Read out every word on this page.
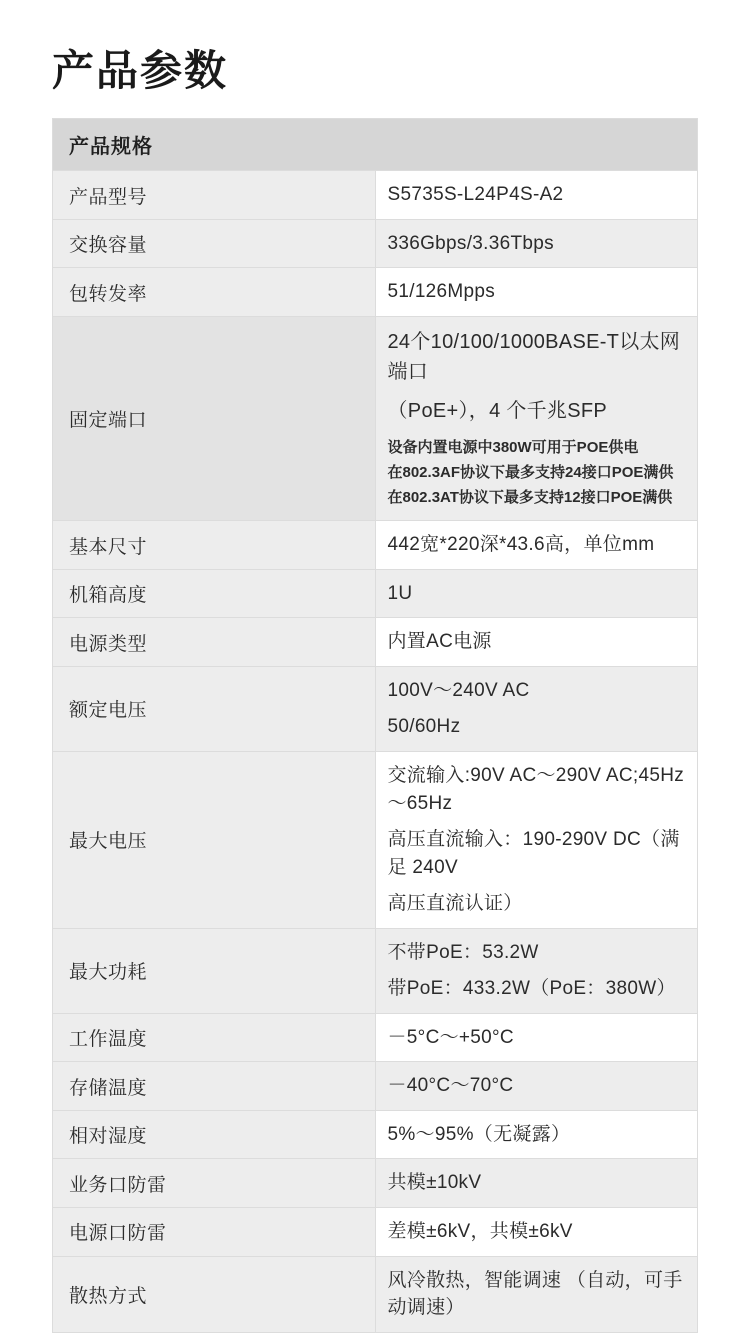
产品参数
产品规格	
产品型号	S5735S-L24P4S-A2
交换容量	336Gbps/3.36Tbps
包转发率	51/126Mpps
固定端口	24个10/100/1000BASE-T以太网端口
（PoE+），4 个千兆SFP
设备内置电源中380W可用于POE供电
在802.3AF协议下最多支持24接口POE满供
在802.3AT协议下最多支持12接口POE满供

基本尺寸	442宽*220深*43.6高，单位mm
机箱高度	1U
电源类型	内置AC电源
额定电压	100V～240V AC
50/60Hz

最大电压	交流输入:90V AC～290V AC;45Hz～65Hz
高压直流输入：190-290V DC（满足 240V
高压直流认证）

最大功耗	不带PoE：53.2W
带PoE：433.2W（PoE：380W）

工作温度	－5°C～+50°C
存储温度	－40°C～70°C
相对湿度	5%～95%（无凝露）
业务口防雷	共模±10kV
电源口防雷	差模±6kV，共模±6kV
散热方式	风冷散热，智能调速 （自动，可手动调速）
